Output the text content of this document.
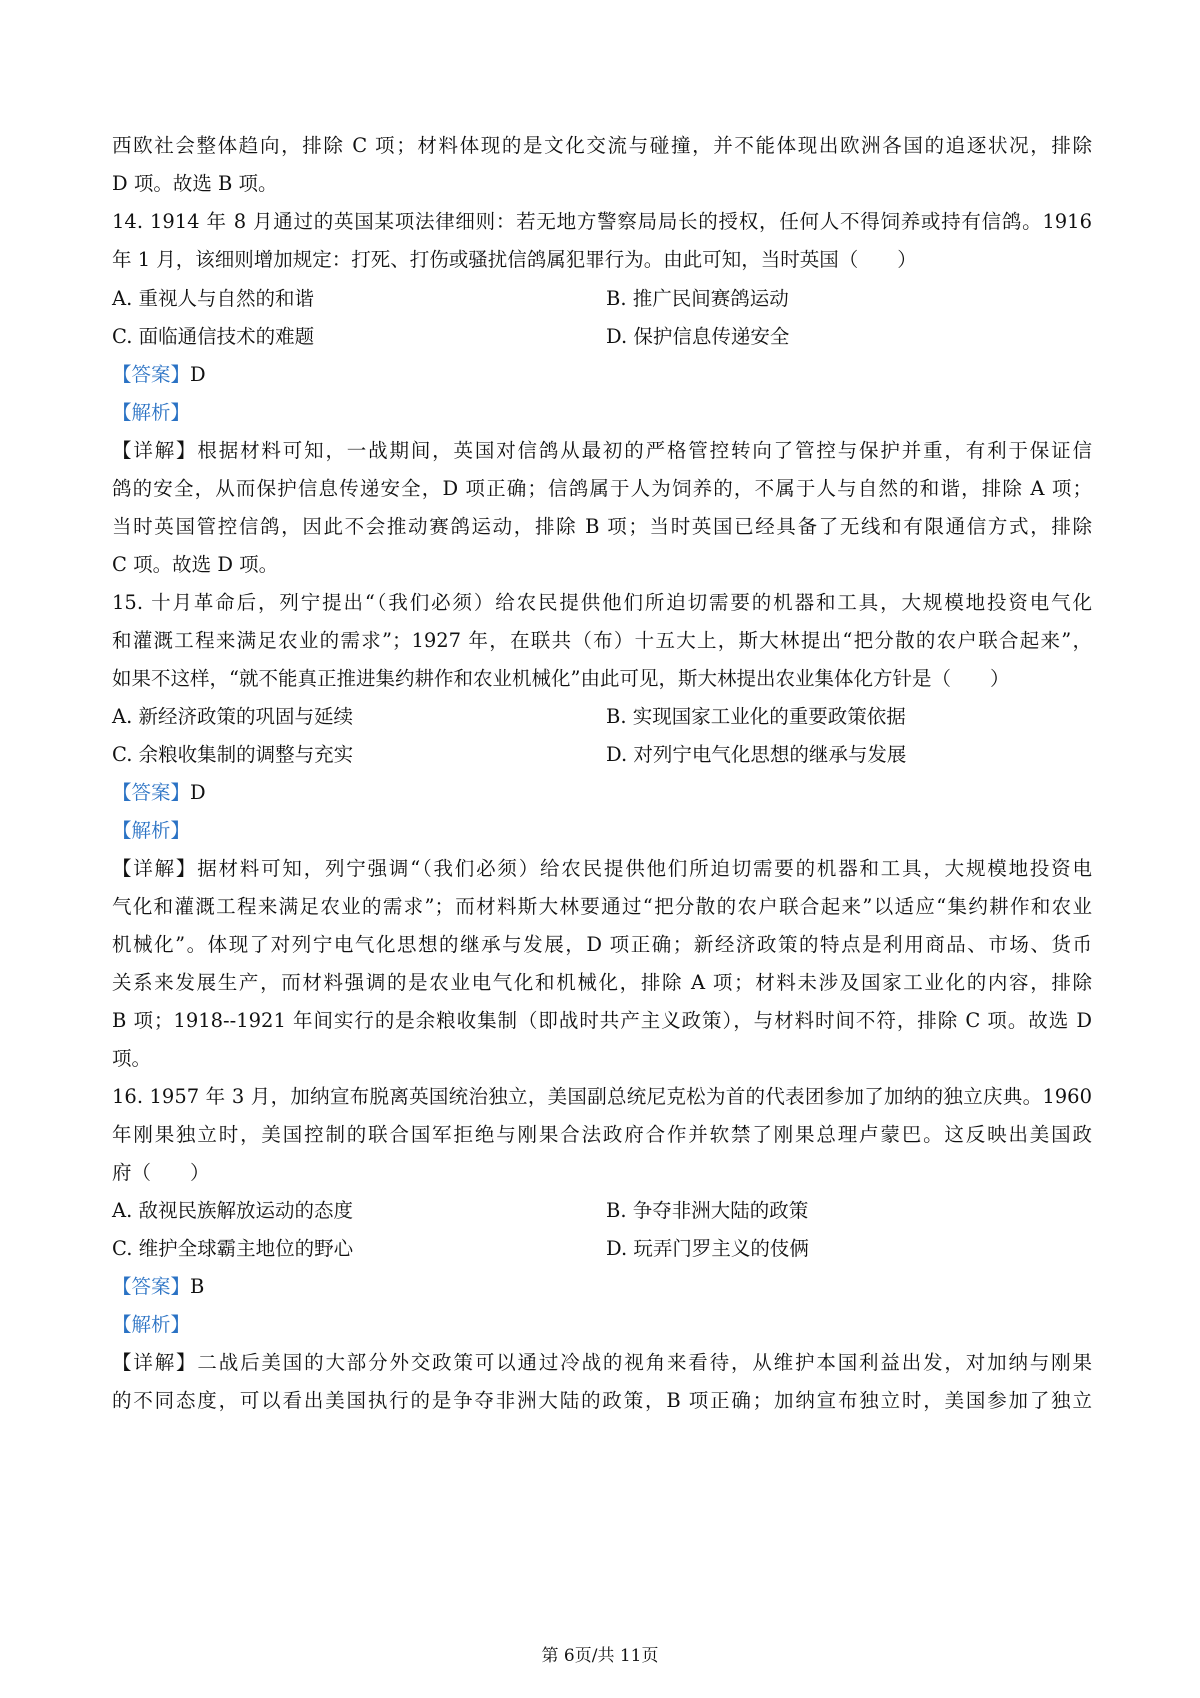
西欧社会整体趋向，排除 C 项；材料体现的是文化交流与碰撞，并不能体现出欧洲各国的追逐状况，排除
D 项。故选 B 项。
14. 1914 年 8 月通过的英国某项法律细则：若无地方警察局局长的授权，任何人不得饲养或持有信鸽。1916
年 1 月，该细则增加规定：打死、打伤或骚扰信鸽属犯罪行为。由此可知，当时英国（　　）
A. 重视人与自然的和谐	B. 推广民间赛鸽运动
C. 面临通信技术的难题	D. 保护信息传递安全
【答案】D
【解析】
【详解】根据材料可知，一战期间，英国对信鸽从最初的严格管控转向了管控与保护并重，有利于保证信
鸽的安全，从而保护信息传递安全，D 项正确；信鸽属于人为饲养的，不属于人与自然的和谐，排除 A 项；
当时英国管控信鸽，因此不会推动赛鸽运动，排除 B 项；当时英国已经具备了无线和有限通信方式，排除
C 项。故选 D 项。
15. 十月革命后，列宁提出“（我们必须）给农民提供他们所迫切需要的机器和工具，大规模地投资电气化
和灌溉工程来满足农业的需求”；1927 年，在联共（布）十五大上，斯大林提出“把分散的农户联合起来”，
如果不这样，“就不能真正推进集约耕作和农业机械化”由此可见，斯大林提出农业集体化方针是（　　）
A. 新经济政策的巩固与延续	B. 实现国家工业化的重要政策依据
C. 余粮收集制的调整与充实	D. 对列宁电气化思想的继承与发展
【答案】D
【解析】
【详解】据材料可知，列宁强调“（我们必须）给农民提供他们所迫切需要的机器和工具，大规模地投资电
气化和灌溉工程来满足农业的需求”；而材料斯大林要通过“把分散的农户联合起来”以适应“集约耕作和农业
机械化”。体现了对列宁电气化思想的继承与发展，D 项正确；新经济政策的特点是利用商品、市场、货币
关系来发展生产，而材料强调的是农业电气化和机械化，排除 A 项；材料未涉及国家工业化的内容，排除
B 项；1918--1921 年间实行的是余粮收集制（即战时共产主义政策），与材料时间不符，排除 C 项。故选 D
项。
16. 1957 年 3 月，加纳宣布脱离英国统治独立，美国副总统尼克松为首的代表团参加了加纳的独立庆典。1960
年刚果独立时，美国控制的联合国军拒绝与刚果合法政府合作并软禁了刚果总理卢蒙巴。这反映出美国政
府（　　）
A. 敌视民族解放运动的态度	B. 争夺非洲大陆的政策
C. 维护全球霸主地位的野心	D. 玩弄门罗主义的伎俩
【答案】B
【解析】
【详解】二战后美国的大部分外交政策可以通过冷战的视角来看待，从维护本国利益出发，对加纳与刚果
的不同态度，可以看出美国执行的是争夺非洲大陆的政策，B 项正确；加纳宣布独立时，美国参加了独立
第 6页/共 11页
